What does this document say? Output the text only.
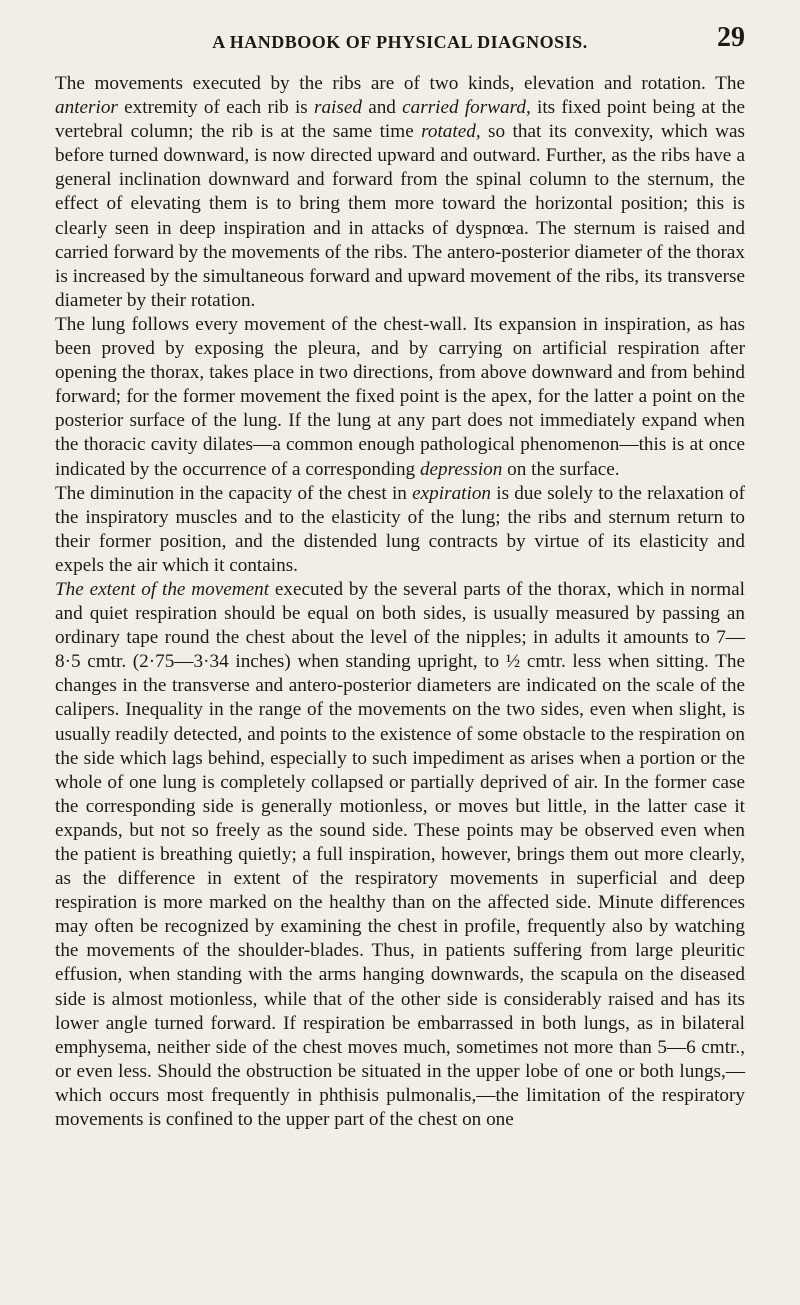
A HANDBOOK OF PHYSICAL DIAGNOSIS.	29

The movements executed by the ribs are of two kinds, elevation and rotation. The anterior extremity of each rib is raised and carried forward, its fixed point being at the vertebral column; the rib is at the same time rotated, so that its convexity, which was before turned downward, is now directed upward and outward. Further, as the ribs have a general inclination downward and forward from the spinal column to the sternum, the effect of elevating them is to bring them more toward the horizontal position; this is clearly seen in deep inspiration and in attacks of dyspnœa. The sternum is raised and carried forward by the movements of the ribs. The antero-posterior diameter of the thorax is increased by the simultaneous forward and upward movement of the ribs, its transverse diameter by their rotation.

The lung follows every movement of the chest-wall. Its expansion in inspiration, as has been proved by exposing the pleura, and by carrying on artificial respiration after opening the thorax, takes place in two directions, from above downward and from behind forward; for the former movement the fixed point is the apex, for the latter a point on the posterior surface of the lung. If the lung at any part does not immediately expand when the thoracic cavity dilates—a common enough pathological phenomenon—this is at once indicated by the occurrence of a corresponding depression on the surface.

The diminution in the capacity of the chest in expiration is due solely to the relaxation of the inspiratory muscles and to the elasticity of the lung; the ribs and sternum return to their former position, and the distended lung contracts by virtue of its elasticity and expels the air which it contains.

The extent of the movement executed by the several parts of the thorax, which in normal and quiet respiration should be equal on both sides, is usually measured by passing an ordinary tape round the chest about the level of the nipples; in adults it amounts to 7—8·5 cmtr. (2·75—3·34 inches) when standing upright, to ½ cmtr. less when sitting. The changes in the transverse and antero-posterior diameters are indicated on the scale of the calipers. Inequality in the range of the movements on the two sides, even when slight, is usually readily detected, and points to the existence of some obstacle to the respiration on the side which lags behind, especially to such impediment as arises when a portion or the whole of one lung is completely collapsed or partially deprived of air. In the former case the corresponding side is generally motionless, or moves but little, in the latter case it expands, but not so freely as the sound side. These points may be observed even when the patient is breathing quietly; a full inspiration, however, brings them out more clearly, as the difference in extent of the respiratory movements in superficial and deep respiration is more marked on the healthy than on the affected side. Minute differences may often be recognized by examining the chest in profile, frequently also by watching the movements of the shoulder-blades. Thus, in patients suffering from large pleuritic effusion, when standing with the arms hanging downwards, the scapula on the diseased side is almost motionless, while that of the other side is considerably raised and has its lower angle turned forward. If respiration be embarrassed in both lungs, as in bilateral emphysema, neither side of the chest moves much, sometimes not more than 5—6 cmtr., or even less. Should the obstruction be situated in the upper lobe of one or both lungs,—which occurs most frequently in phthisis pulmonalis,—the limitation of the respiratory movements is confined to the upper part of the chest on one
